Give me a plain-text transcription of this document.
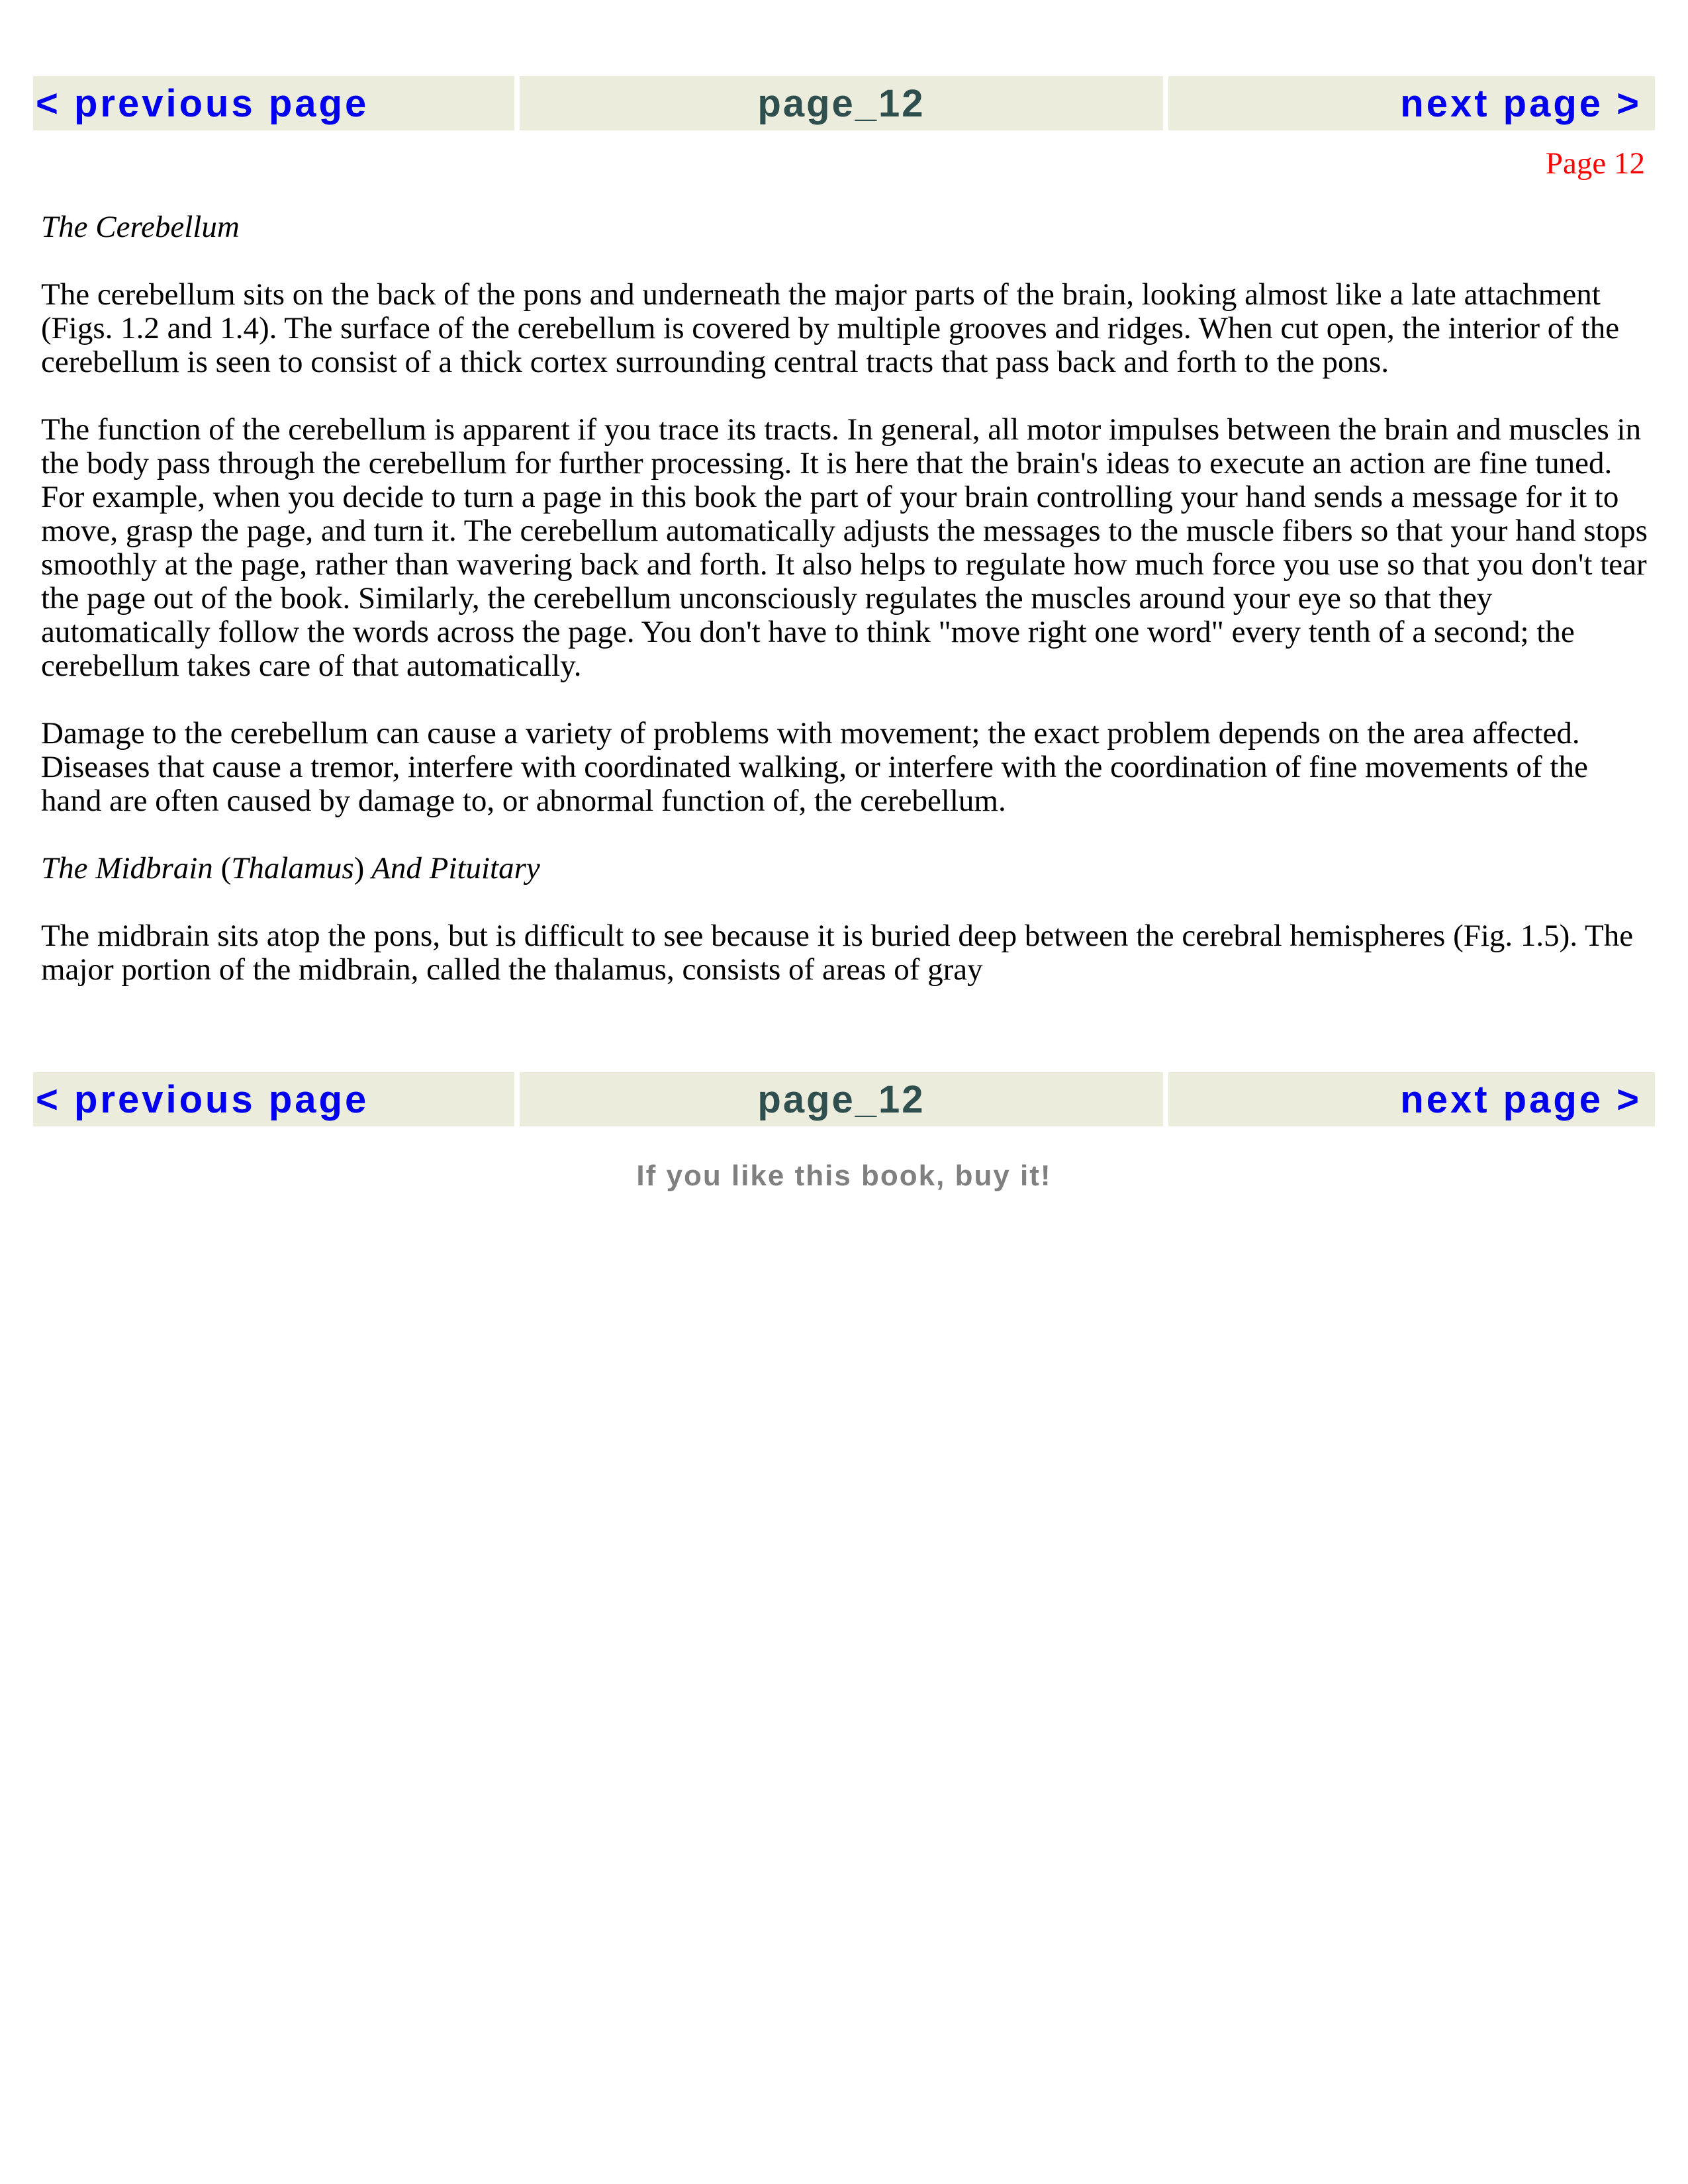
< previous page	page_12	next page >
Page 12

The Cerebellum

The cerebellum sits on the back of the pons and underneath the major parts of the brain, looking almost like a late attachment (Figs. 1.2 and 1.4). The surface of the cerebellum is covered by multiple grooves and ridges. When cut open, the interior of the cerebellum is seen to consist of a thick cortex surrounding central tracts that pass back and forth to the pons.

The function of the cerebellum is apparent if you trace its tracts. In general, all motor impulses between the brain and muscles in the body pass through the cerebellum for further processing. It is here that the brain's ideas to execute an action are fine tuned. For example, when you decide to turn a page in this book the part of your brain controlling your hand sends a message for it to move, grasp the page, and turn it. The cerebellum automatically adjusts the messages to the muscle fibers so that your hand stops smoothly at the page, rather than wavering back and forth. It also helps to regulate how much force you use so that you don't tear the page out of the book. Similarly, the cerebellum unconsciously regulates the muscles around your eye so that they automatically follow the words across the page. You don't have to think "move right one word" every tenth of a second; the cerebellum takes care of that automatically.

Damage to the cerebellum can cause a variety of problems with movement; the exact problem depends on the area affected. Diseases that cause a tremor, interfere with coordinated walking, or interfere with the coordination of fine movements of the hand are often caused by damage to, or abnormal function of, the cerebellum.

The Midbrain (Thalamus) And Pituitary

The midbrain sits atop the pons, but is difficult to see because it is buried deep between the cerebral hemispheres (Fig. 1.5). The major portion of the midbrain, called the thalamus, consists of areas of gray

< previous page	page_12	next page >
If you like this book, buy it!
